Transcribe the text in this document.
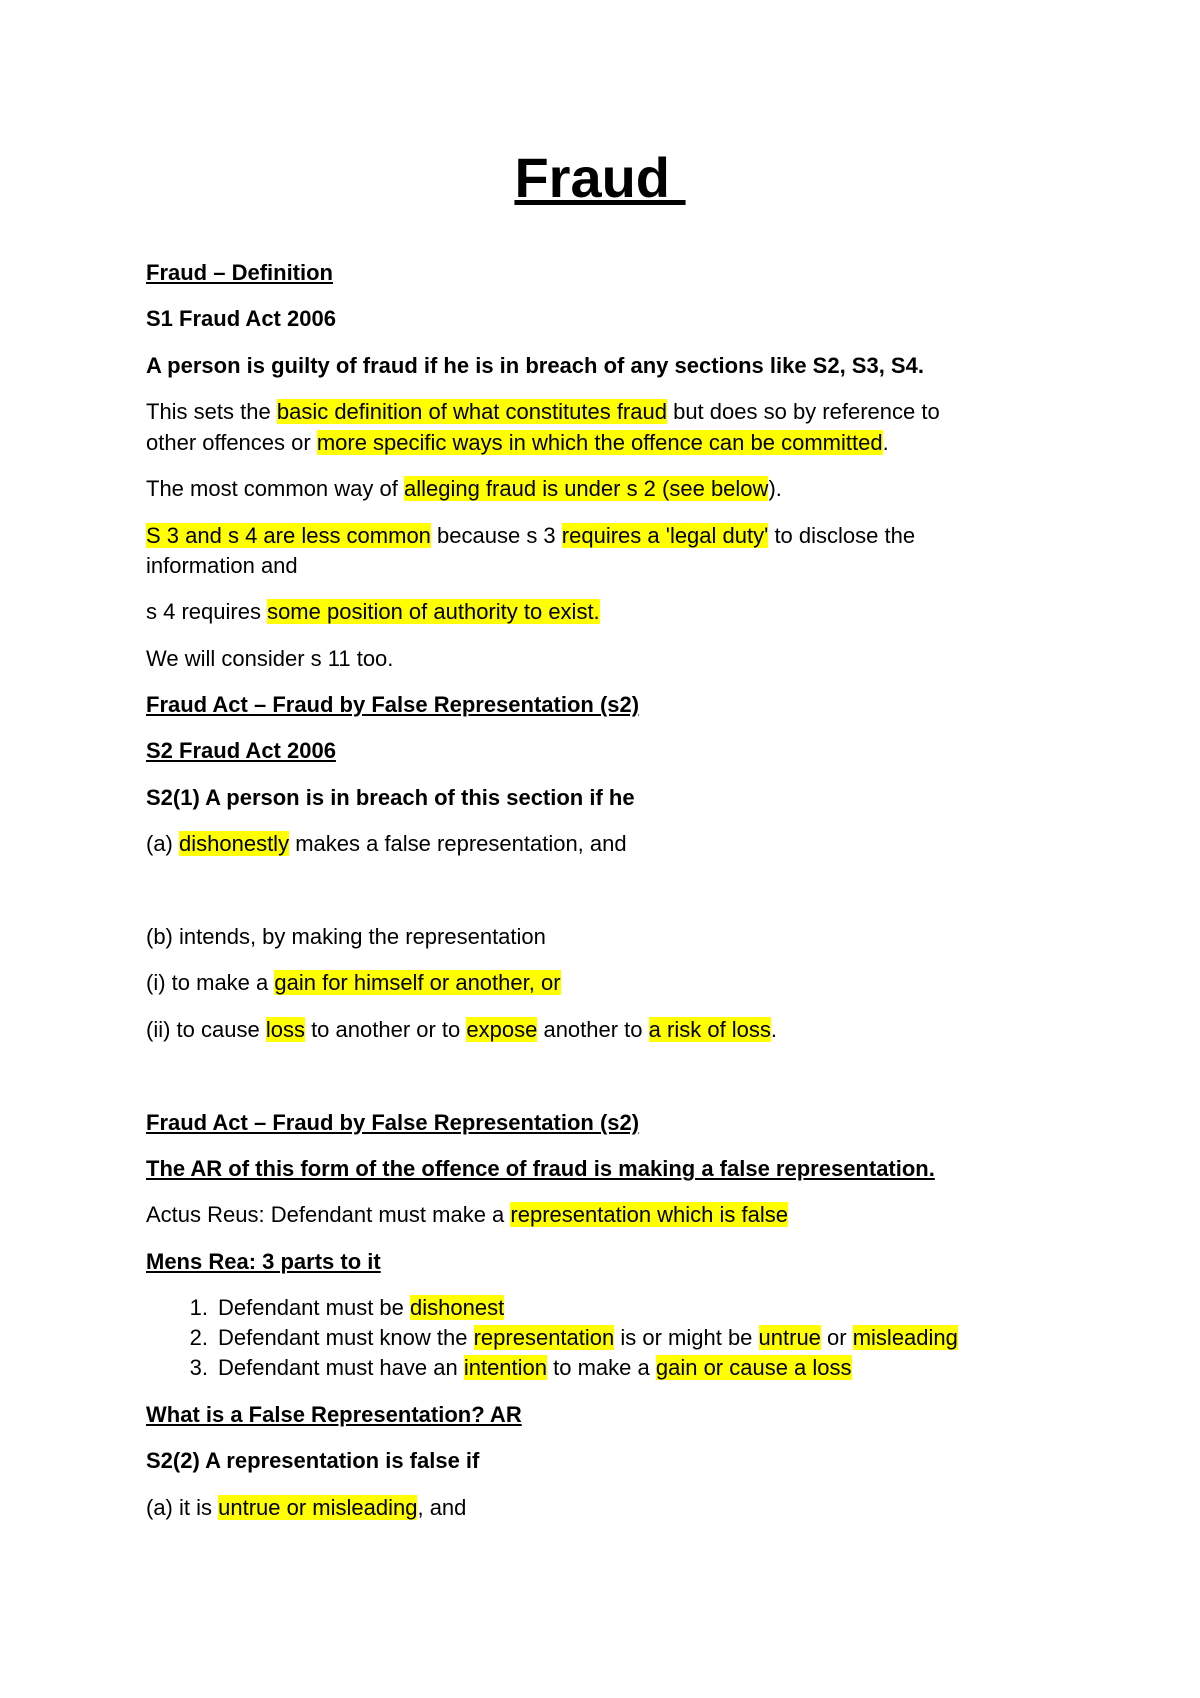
Fraud
Fraud – Definition
S1 Fraud Act 2006
A person is guilty of fraud if he is in breach of any sections like S2, S3, S4.
This sets the basic definition of what constitutes fraud but does so by reference to
other offences or more specific ways in which the offence can be committed.
The most common way of alleging fraud is under s 2 (see below).
S 3 and s 4 are less common because s 3 requires a 'legal duty' to disclose the
information and
s 4 requires some position of authority to exist.
We will consider s 11 too.
Fraud Act – Fraud by False Representation (s2)
S2 Fraud Act 2006
S2(1) A person is in breach of this section if he
(a) dishonestly makes a false representation, and
(b) intends, by making the representation
(i) to make a gain for himself or another, or
(ii) to cause loss to another or to expose another to a risk of loss.
Fraud Act – Fraud by False Representation (s2)
The AR of this form of the offence of fraud is making a false representation.
Actus Reus: Defendant must make a representation which is false
Mens Rea: 3 parts to it
1. Defendant must be dishonest
2. Defendant must know the representation is or might be untrue or misleading
3. Defendant must have an intention to make a gain or cause a loss
What is a False Representation? AR
S2(2) A representation is false if
(a) it is untrue or misleading, and
